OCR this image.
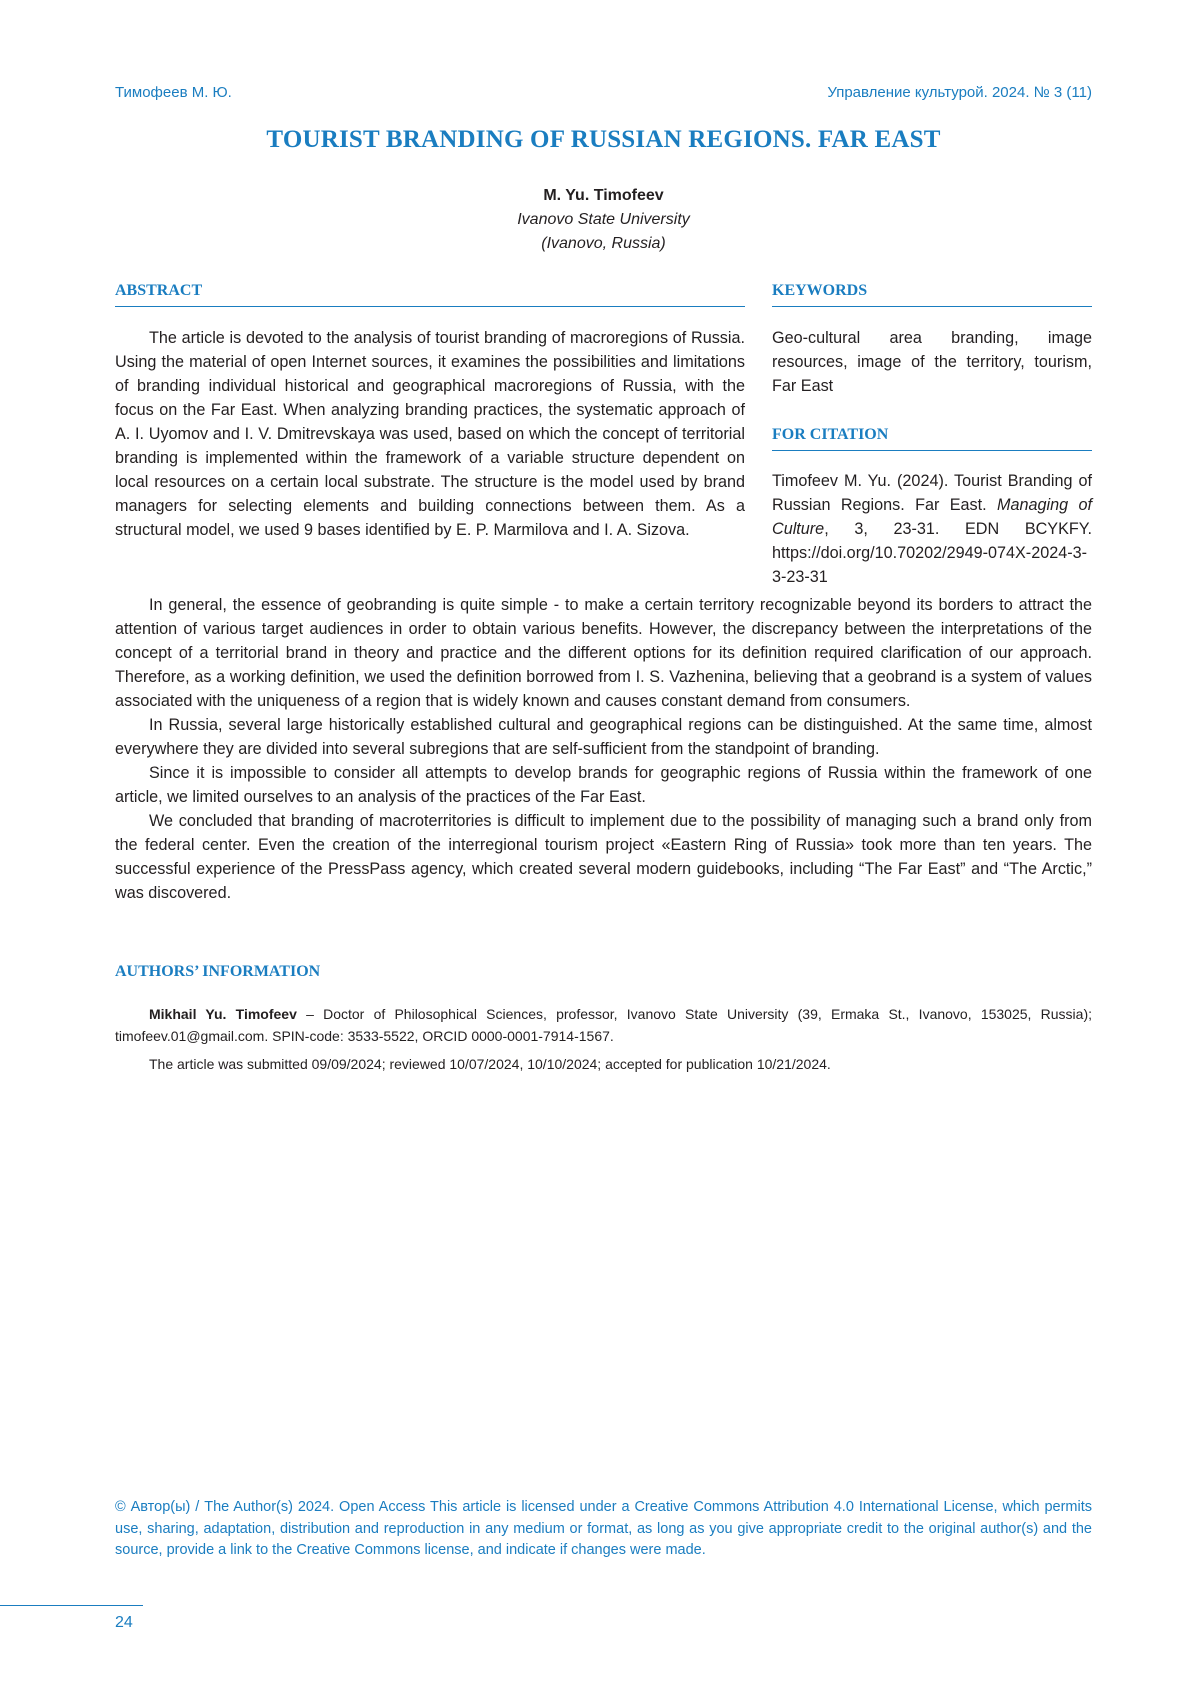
Тимофеев М. Ю.	Управление культурой. 2024. № 3 (11)
TOURIST BRANDING OF RUSSIAN REGIONS. FAR EAST
M. Yu. Timofeev
Ivanovo State University
(Ivanovo, Russia)
ABSTRACT

The article is devoted to the analysis of tourist branding of macroregions of Russia. Using the material of open Internet sources, it examines the possibilities and limitations of branding individual historical and geographical macroregions of Russia, with the focus on the Far East. When analyzing branding practices, the systematic approach of A. I. Uyomov and I. V. Dmitrevskaya was used, based on which the concept of territorial branding is implemented within the framework of a variable structure dependent on local resources on a certain local substrate. The structure is the model used by brand managers for selecting elements and building connections between them. As a structural model, we used 9 bases identified by E. P. Marmilova and I. A. Sizova.

KEYWORDS

Geo-cultural area branding, image resources, image of the territory, tourism, Far East

FOR CITATION

Timofeev M. Yu. (2024). Tourist Branding of Russian Regions. Far East. Managing of Culture, 3, 23-31. EDN BCYKFY. https://doi.org/10.70202/2949-074X-2024-3-3-23-31

In general, the essence of geobranding is quite simple - to make a certain territory recognizable beyond its borders to attract the attention of various target audiences in order to obtain various benefits. However, the discrepancy between the interpretations of the concept of a territorial brand in theory and practice and the different options for its definition required clarification of our approach. Therefore, as a working definition, we used the definition borrowed from I. S. Vazhenina, believing that a geobrand is a system of values associated with the uniqueness of a region that is widely known and causes constant demand from consumers.

In Russia, several large historically established cultural and geographical regions can be distinguished. At the same time, almost everywhere they are divided into several subregions that are self-sufficient from the standpoint of branding.

Since it is impossible to consider all attempts to develop brands for geographic regions of Russia within the framework of one article, we limited ourselves to an analysis of the practices of the Far East.

We concluded that branding of macroterritories is difficult to implement due to the possibility of managing such a brand only from the federal center. Even the creation of the interregional tourism project «Eastern Ring of Russia» took more than ten years. The successful experience of the PressPass agency, which created several modern guidebooks, including “The Far East” and “The Arctic,” was discovered.

AUTHORS’ INFORMATION

Mikhail Yu. Timofeev – Doctor of Philosophical Sciences, professor, Ivanovo State University (39, Ermaka St., Ivanovo, 153025, Russia); timofeev.01@gmail.com. SPIN-code: 3533-5522, ORCID 0000-0001-7914-1567.

The article was submitted 09/09/2024; reviewed 10/07/2024, 10/10/2024; accepted for publication 10/21/2024.

© Автор(ы) / The Author(s) 2024. Open Access This article is licensed under a Creative Commons Attribution 4.0 International License, which permits use, sharing, adaptation, distribution and reproduction in any medium or format, as long as you give appropriate credit to the original author(s) and the source, provide a link to the Creative Commons license, and indicate if changes were made.
24
